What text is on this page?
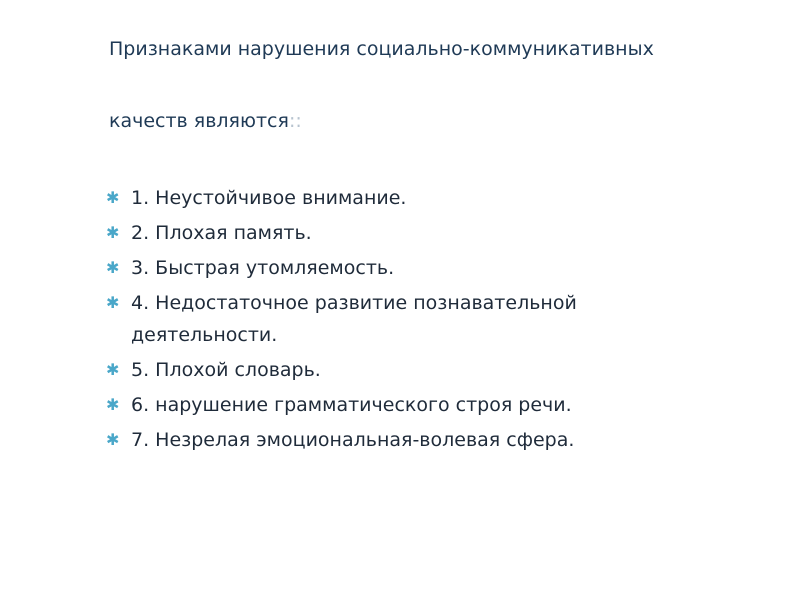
Признаками нарушения социально-коммуникативных
качеств являются::
✱ 1. Неустойчивое внимание.
✱ 2. Плохая память.
✱ 3. Быстрая утомляемость.
✱ 4. Недостаточное развитие познавательной деятельности.
✱ 5. Плохой словарь.
✱ 6. нарушение грамматического строя речи.
✱ 7. Незрелая эмоциональная-волевая сфера.
